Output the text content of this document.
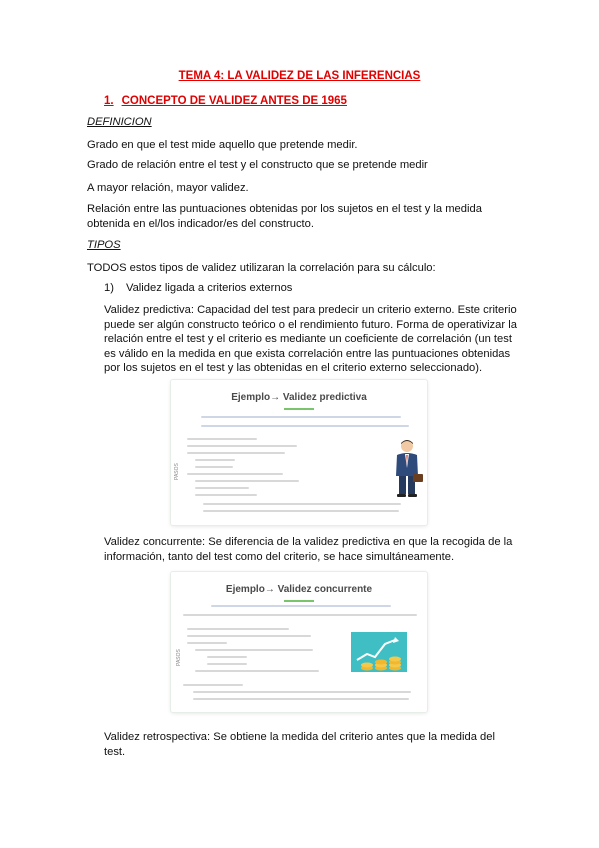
TEMA 4: LA VALIDEZ DE LAS INFERENCIAS
1. CONCEPTO DE VALIDEZ ANTES DE 1965
DEFINICION
Grado en que el test mide aquello que pretende medir.
Grado de relación entre el test y el constructo que se pretende medir
A mayor relación, mayor validez.
Relación entre las puntuaciones obtenidas por los sujetos en el test y la medida obtenida en el/los indicador/es del constructo.
TIPOS
TODOS estos tipos de validez utilizaran la correlación para su cálculo:
1) Validez ligada a criterios externos
Validez predictiva: Capacidad del test para predecir un criterio externo. Este criterio puede ser algún constructo teórico o el rendimiento futuro. Forma de operativizar la relación entre el test y el criterio es mediante un coeficiente de correlación (un test es válido en la medida en que exista correlación entre las puntuaciones obtenidas por los sujetos en el test y las obtenidas en el criterio externo seleccionado).
Ejemplo→ Validez predictiva
PASOS
Validez concurrente: Se diferencia de la validez predictiva en que la recogida de la información, tanto del test como del criterio, se hace simultáneamente.
Ejemplo→ Validez concurrente
PASOS
Validez retrospectiva: Se obtiene la medida del criterio antes que la medida del test.
